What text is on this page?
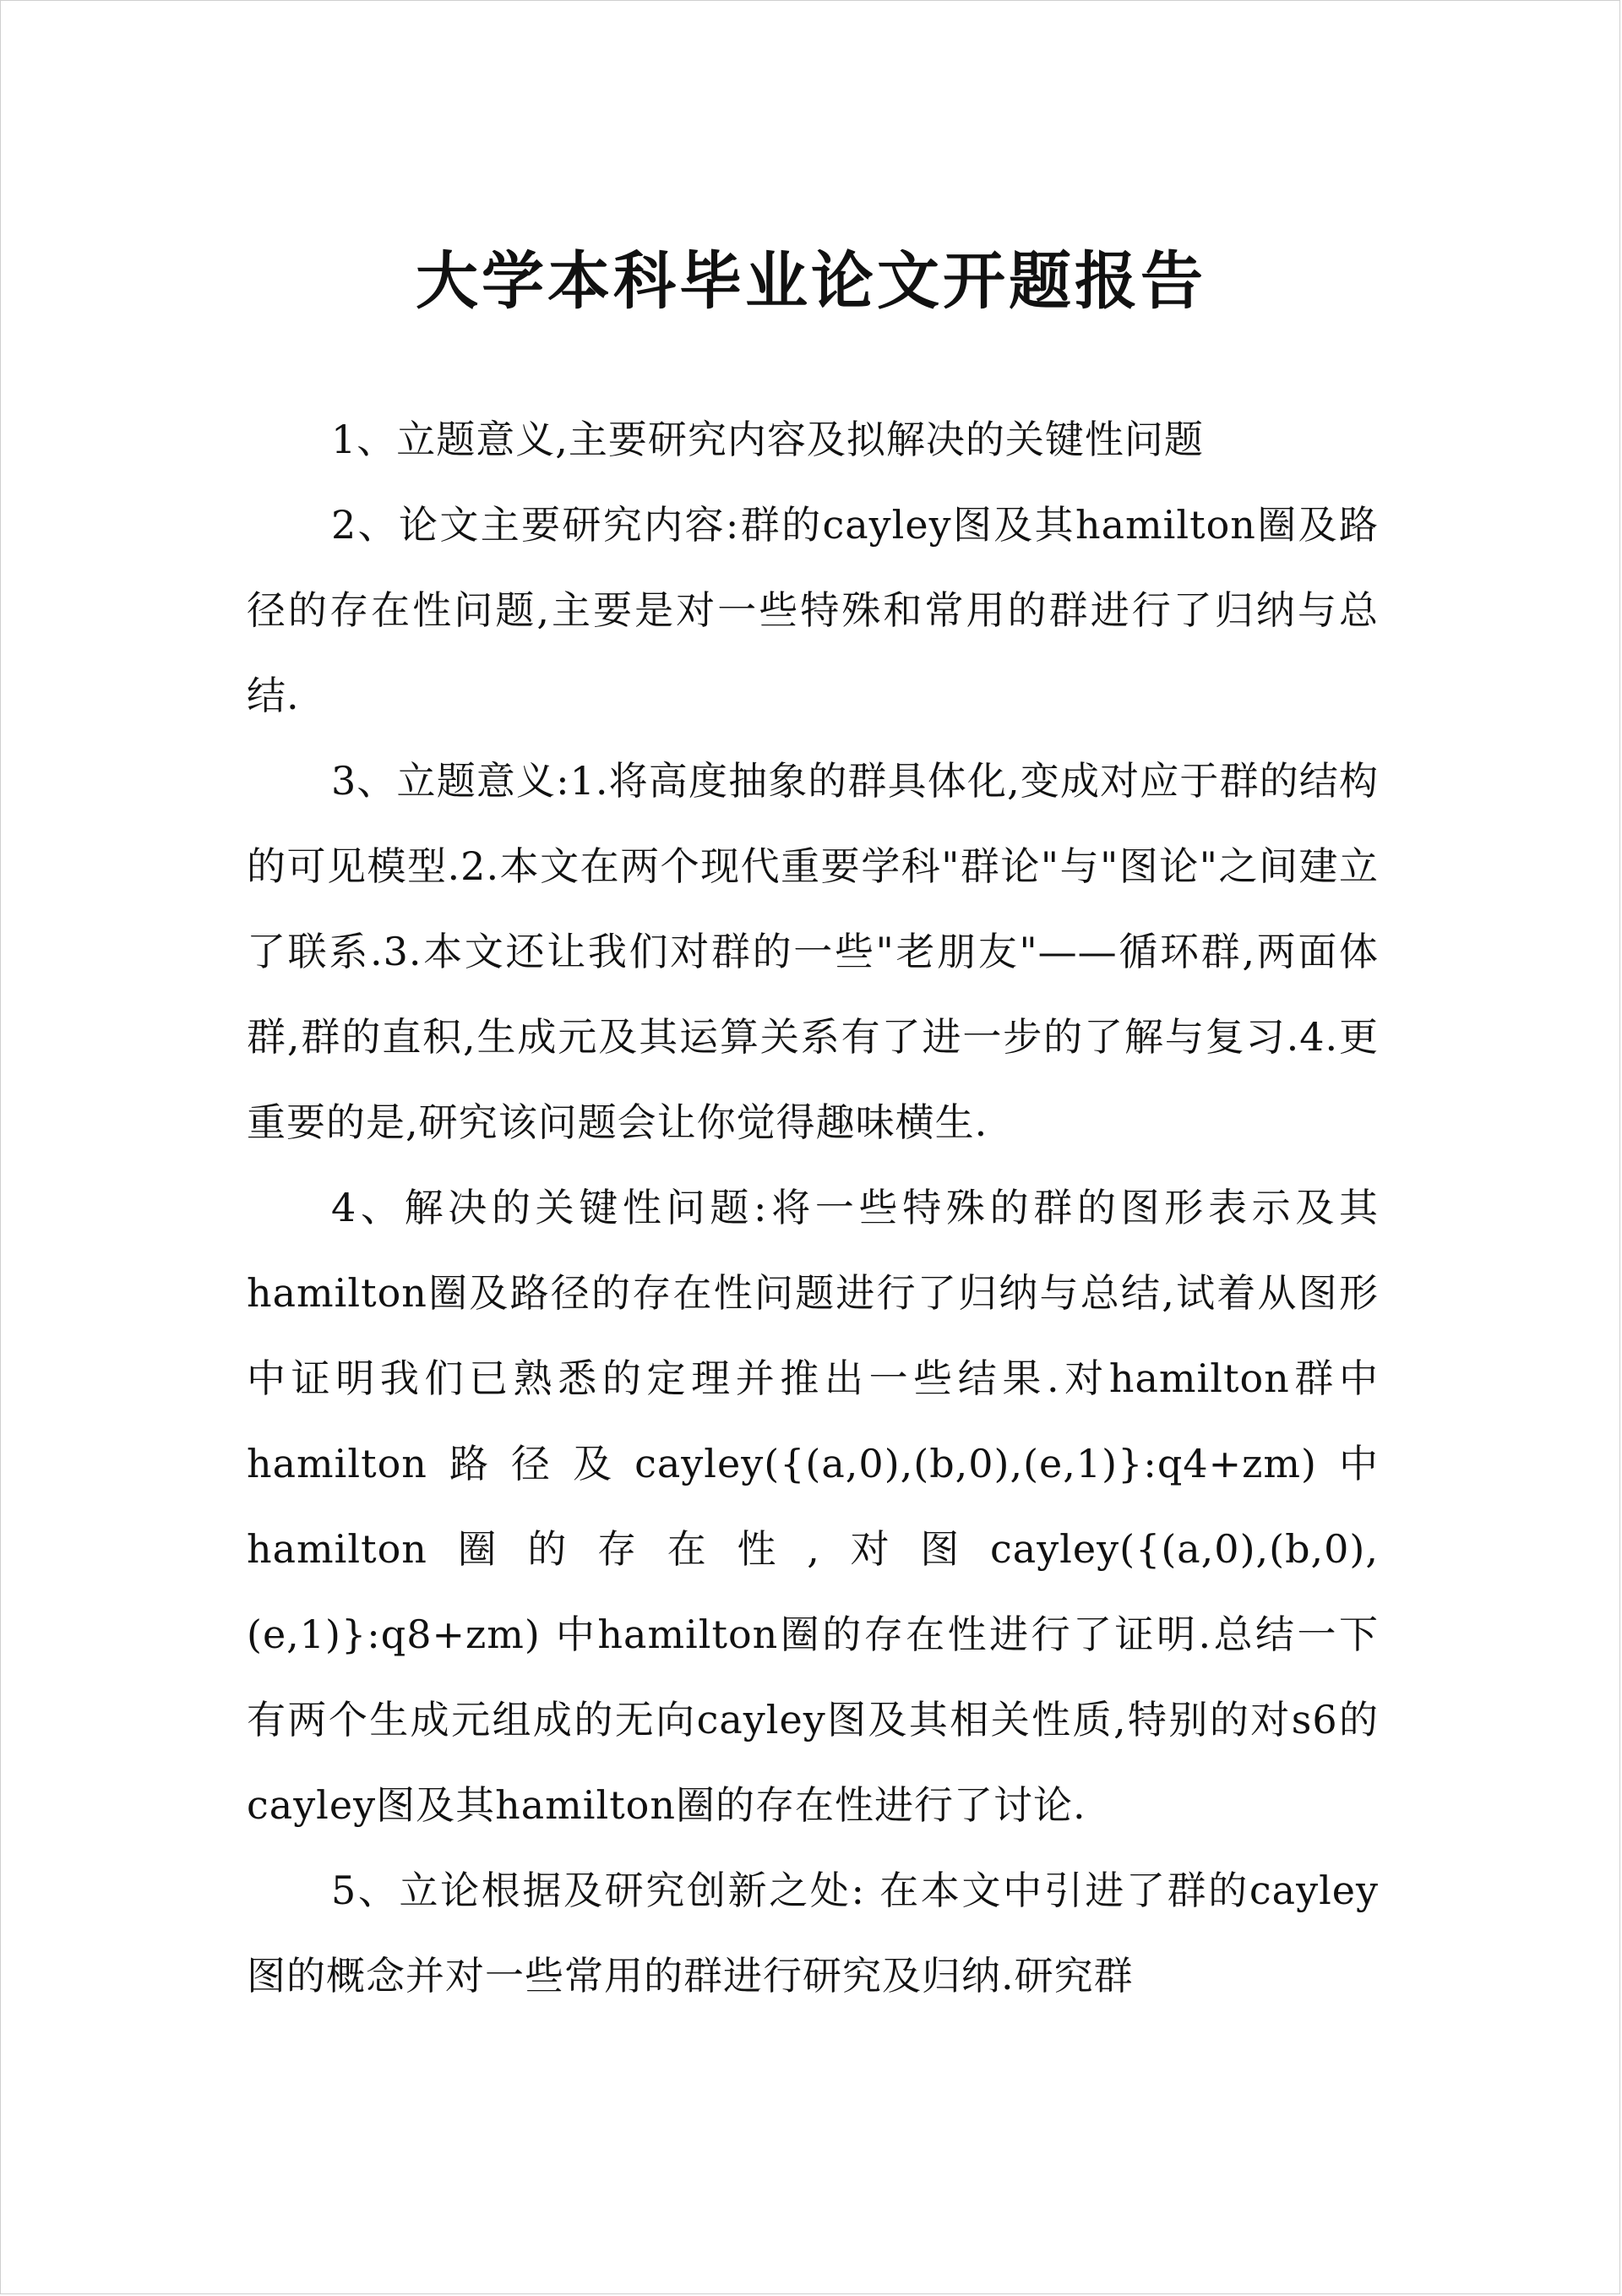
大学本科毕业论文开题报告

1、立题意义,主要研究内容及拟解决的关键性问题

2、论文主要研究内容:群的cayley图及其hamilton圈及路径的存在性问题,主要是对一些特殊和常用的群进行了归纳与总结.

3、立题意义:1.将高度抽象的群具体化,变成对应于群的结构的可见模型.2.本文在两个现代重要学科"群论"与"图论"之间建立了联系.3.本文还让我们对群的一些"老朋友"——循环群,两面体群,群的直积,生成元及其运算关系有了进一步的了解与复习.4.更重要的是,研究该问题会让你觉得趣味横生.

4、解决的关键性问题:将一些特殊的群的图形表示及其hamilton圈及路径的存在性问题进行了归纳与总结,试着从图形中证明我们已熟悉的定理并推出一些结果.对hamilton群中hamilton路径及cayley({(a,0),(b,0),(e,1)}:q4+zm)中hamilton圈的存在性,对图cayley({(a,0),(b,0),(e,1)}:q8+zm) 中hamilton圈的存在性进行了证明.总结一下有两个生成元组成的无向cayley图及其相关性质,特别的对s6的cayley图及其hamilton圈的存在性进行了讨论.

5、立论根据及研究创新之处: 在本文中引进了群的cayley图的概念并对一些常用的群进行研究及归纳.研究群
